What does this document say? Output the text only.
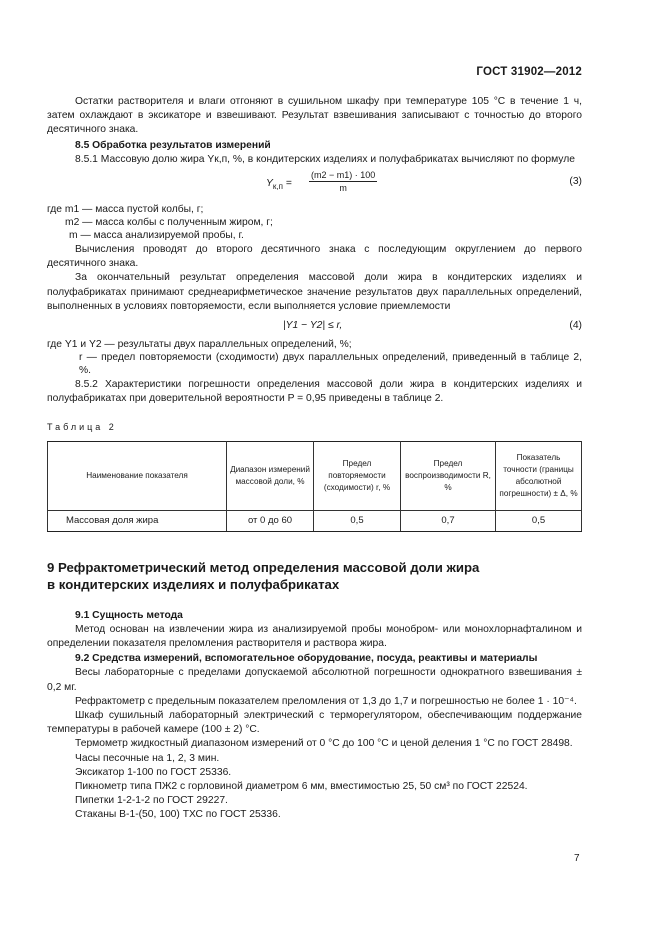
ГОСТ 31902—2012

Остатки растворителя и влаги отгоняют в сушильном шкафу при температуре 105 °С в течение 1 ч, затем охлаждают в эксикаторе и взвешивают. Результат взвешивания записывают с точностью до второго десятичного знака.

8.5 Обработка результатов измерений

8.5.1 Массовую долю жира Yк,п, %, в кондитерских изделиях и полуфабрикатах вычисляют по формуле

$Y_{к,п} = \frac{(m2 - m1) \cdot 100}{m}$	(3)
где m1 — масса пустой колбы, г;
m2 — масса колбы с полученным жиром, г;
m — масса анализируемой пробы, г.

Вычисления проводят до второго десятичного знака с последующим округлением до первого десятичного знака.

За окончательный результат определения массовой доли жира в кондитерских изделиях и полуфабрикатах принимают среднеарифметическое значение результатов двух параллельных определений, выполненных в условиях повторяемости, если выполняется условие приемлемости

|Y1 − Y2| ≤ r,	(4)
где Y1 и Y2 — результаты двух параллельных определений, %;
r — предел повторяемости (сходимости) двух параллельных определений, приведенный в таблице 2, %.

8.5.2 Характеристики погрешности определения массовой доли жира в кондитерских изделиях и полуфабрикатах при доверительной вероятности P = 0,95 приведены в таблице 2.

Таблица 2
Наименование показателя	Диапазон измерений массовой доли, %	Предел повторяемости (сходимости) r, %	Предел воспроизводимости R, %	Показатель точности (границы абсолютной погрешности) ± Δ, %
Массовая доля жира	от 0 до 60	0,5	0,7	0,5
9 Рефрактометрический метод определения массовой доли жира
в кондитерских изделиях и полуфабрикатах
9.1 Сущность метода

Метод основан на извлечении жира из анализируемой пробы монобром- или монохлорнафталином и определении показателя преломления растворителя и раствора жира.

9.2 Средства измерений, вспомогательное оборудование, посуда, реактивы и материалы

Весы лабораторные с пределами допускаемой абсолютной погрешности однократного взвешивания ± 0,2 мг.

Рефрактометр с предельным показателем преломления от 1,3 до 1,7 и погрешностью не более 1 · 10⁻⁴.

Шкаф сушильный лабораторный электрический с терморегулятором, обеспечивающим поддержание температуры в рабочей камере (100 ± 2) °С.

Термометр жидкостный диапазоном измерений от 0 °С до 100 °С и ценой деления 1 °С по ГОСТ 28498.

Часы песочные на 1, 2, 3 мин.

Эксикатор 1-100 по ГОСТ 25336.

Пикнометр типа ПЖ2 с горловиной диаметром 6 мм, вместимостью 25, 50 см³ по ГОСТ 22524.

Пипетки 1-2-1-2 по ГОСТ 29227.

Стаканы В-1-(50, 100) ТХС по ГОСТ 25336.

7
